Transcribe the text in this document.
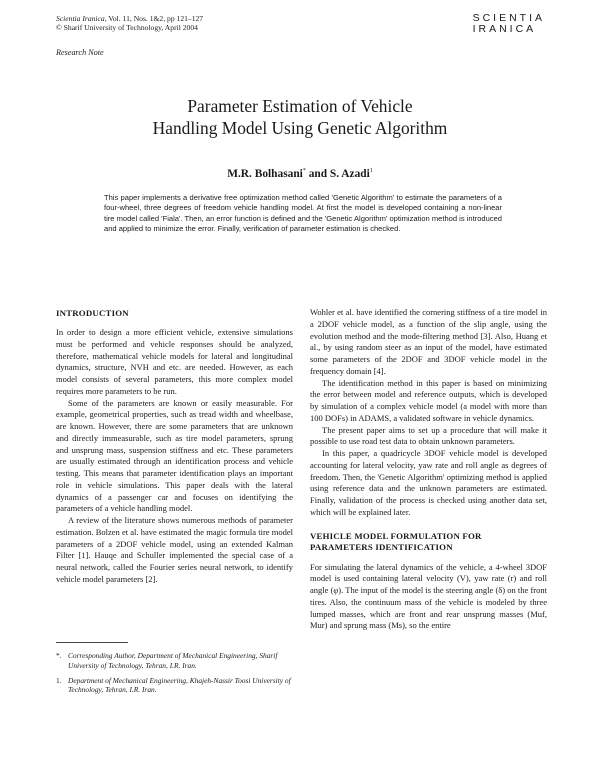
Scientia Iranica, Vol. 11, Nos. 1&2, pp 121–127
© Sharif University of Technology, April 2004
SCIENTIA
IRANICA
Research Note
Parameter Estimation of Vehicle
Handling Model Using Genetic Algorithm
M.R. Bolhasani* and S. Azadi$^1$
This paper implements a derivative free optimization method called 'Genetic Algorithm' to estimate the parameters of a four-wheel, three degrees of freedom vehicle handling model. At first the model is developed containing a non-linear tire model called 'Fiala'. Then, an error function is defined and the 'Genetic Algorithm' optimization method is introduced and applied to minimize the error. Finally, verification of parameter estimation is checked.
INTRODUCTION

In order to design a more efficient vehicle, extensive simulations must be performed and vehicle responses should be analyzed, therefore, mathematical vehicle models for lateral and longitudinal dynamics, structure, NVH and etc. are needed. However, as each model consists of several parameters, this more complex model requires more parameters to be run.

Some of the parameters are known or easily measurable. For example, geometrical properties, such as tread width and wheelbase, are known. However, there are some parameters that are unknown and directly immeasurable, such as tire model parameters, sprung and unsprung mass, suspension stiffness and etc. These parameters are usually estimated through an identification process and vehicle testing. This means that parameter identification plays an important role in vehicle simulations. This paper deals with the lateral dynamics of a passenger car and focuses on identifying the parameters of a vehicle handling model.

A review of the literature shows numerous methods of parameter estimation. Bolzen et al. have estimated the magic formula tire model parameters of a 2DOF vehicle model, using an extended Kalman Filter [1]. Hauqe and Schuller implemented the special case of a neural network, called the Fourier series neural network, to identify vehicle model parameters [2].

*. Corresponding Author, Department of Mechanical Engineering, Sharif University of Technology, Tehran, I.R. Iran.
1. Department of Mechanical Engineering, Khajeh-Nassir Toosi University of Technology, Tehran, I.R. Iran.

Wohler et al. have identified the cornering stiffness of a tire model in a 2DOF vehicle model, as a function of the slip angle, using the evolution method and the mode-filtering method [3]. Also, Huang et al., by using random steer as an input of the model, have estimated some parameters of the 2DOF and 3DOF vehicle model in the frequency domain [4].

The identification method in this paper is based on minimizing the error between model and reference outputs, which is developed by simulation of a complex vehicle model (a model with more than 100 DOFs) in ADAMS, a validated software in vehicle dynamics.

The present paper aims to set up a procedure that will make it possible to use road test data to obtain unknown parameters.

In this paper, a quadricycle 3DOF vehicle model is developed accounting for lateral velocity, yaw rate and roll angle as degrees of freedom. Then, the 'Genetic Algorithm' optimizing method is applied using reference data and the unknown parameters are estimated. Finally, validation of the process is checked using another data set, which will be explained later.

VEHICLE MODEL FORMULATION FOR
PARAMETERS IDENTIFICATION

For simulating the lateral dynamics of the vehicle, a 4-wheel 3DOF model is used containing lateral velocity (V), yaw rate (r) and roll angle (φ). The input of the model is the steering angle (δ) on the front tires. Also, the continuum mass of the vehicle is modeled by three lumped masses, which are front and rear unsprung masses (Muf, Mur) and sprung mass (Ms), so the entire
